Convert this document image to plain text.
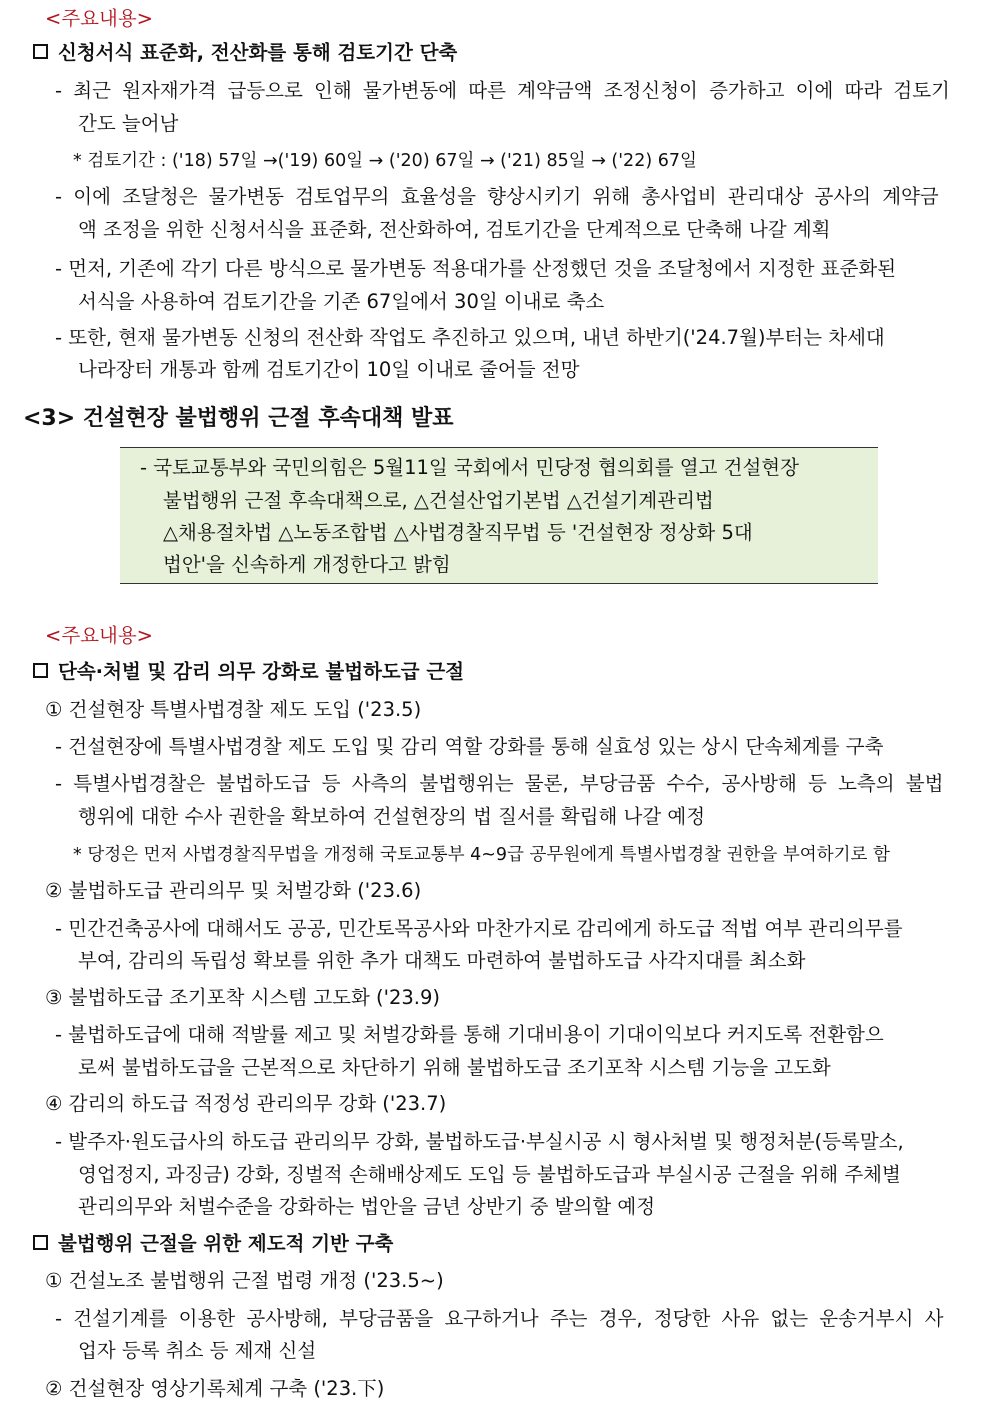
<주요내용>
신청서식 표준화, 전산화를 통해 검토기간 단축
- 최근 원자재가격 급등으로 인해 물가변동에 따른 계약금액 조정신청이 증가하고 이에 따라 검토기
간도 늘어남
* 검토기간 : ('18) 57일 →('19) 60일 → ('20) 67일 → ('21) 85일 → ('22) 67일
- 이에 조달청은 물가변동 검토업무의 효율성을 향상시키기 위해 총사업비 관리대상 공사의 계약금
액 조정을 위한 신청서식을 표준화, 전산화하여, 검토기간을 단계적으로 단축해 나갈 계획
- 먼저, 기존에 각기 다른 방식으로 물가변동 적용대가를 산정했던 것을 조달청에서 지정한 표준화된
서식을 사용하여 검토기간을 기존 67일에서 30일 이내로 축소
- 또한, 현재 물가변동 신청의 전산화 작업도 추진하고 있으며, 내년 하반기('24.7월)부터는 차세대
나라장터 개통과 함께 검토기간이 10일 이내로 줄어들 전망
<3> 건설현장 불법행위 근절 후속대책 발표
- 국토교통부와 국민의힘은 5월11일 국회에서 민당정 협의회를 열고 건설현장
불법행위 근절 후속대책으로, △건설산업기본법 △건설기계관리법
△채용절차법 △노동조합법 △사법경찰직무법 등 '건설현장 정상화 5대
법안'을 신속하게 개정한다고 밝힘
<주요내용>
단속·처벌 및 감리 의무 강화로 불법하도급 근절
① 건설현장 특별사법경찰 제도 도입 ('23.5)
- 건설현장에 특별사법경찰 제도 도입 및 감리 역할 강화를 통해 실효성 있는 상시 단속체계를 구축
- 특별사법경찰은 불법하도급 등 사측의 불법행위는 물론, 부당금품 수수, 공사방해 등 노측의 불법
행위에 대한 수사 권한을 확보하여 건설현장의 법 질서를 확립해 나갈 예정
* 당정은 먼저 사법경찰직무법을 개정해 국토교통부 4~9급 공무원에게 특별사법경찰 권한을 부여하기로 함
② 불법하도급 관리의무 및 처벌강화 ('23.6)
- 민간건축공사에 대해서도 공공, 민간토목공사와 마찬가지로 감리에게 하도급 적법 여부 관리의무를
부여, 감리의 독립성 확보를 위한 추가 대책도 마련하여 불법하도급 사각지대를 최소화
③ 불법하도급 조기포착 시스템 고도화 ('23.9)
- 불법하도급에 대해 적발률 제고 및 처벌강화를 통해 기대비용이 기대이익보다 커지도록 전환함으
로써 불법하도급을 근본적으로 차단하기 위해 불법하도급 조기포착 시스템 기능을 고도화
④ 감리의 하도급 적정성 관리의무 강화 ('23.7)
- 발주자·원도급사의 하도급 관리의무 강화, 불법하도급·부실시공 시 형사처벌 및 행정처분(등록말소,
영업정지, 과징금) 강화, 징벌적 손해배상제도 도입 등 불법하도급과 부실시공 근절을 위해 주체별
관리의무와 처벌수준을 강화하는 법안을 금년 상반기 중 발의할 예정
불법행위 근절을 위한 제도적 기반 구축
① 건설노조 불법행위 근절 법령 개정 ('23.5~)
- 건설기계를 이용한 공사방해, 부당금품을 요구하거나 주는 경우, 정당한 사유 없는 운송거부시 사
업자 등록 취소 등 제재 신설
② 건설현장 영상기록체계 구축 ('23.下)
